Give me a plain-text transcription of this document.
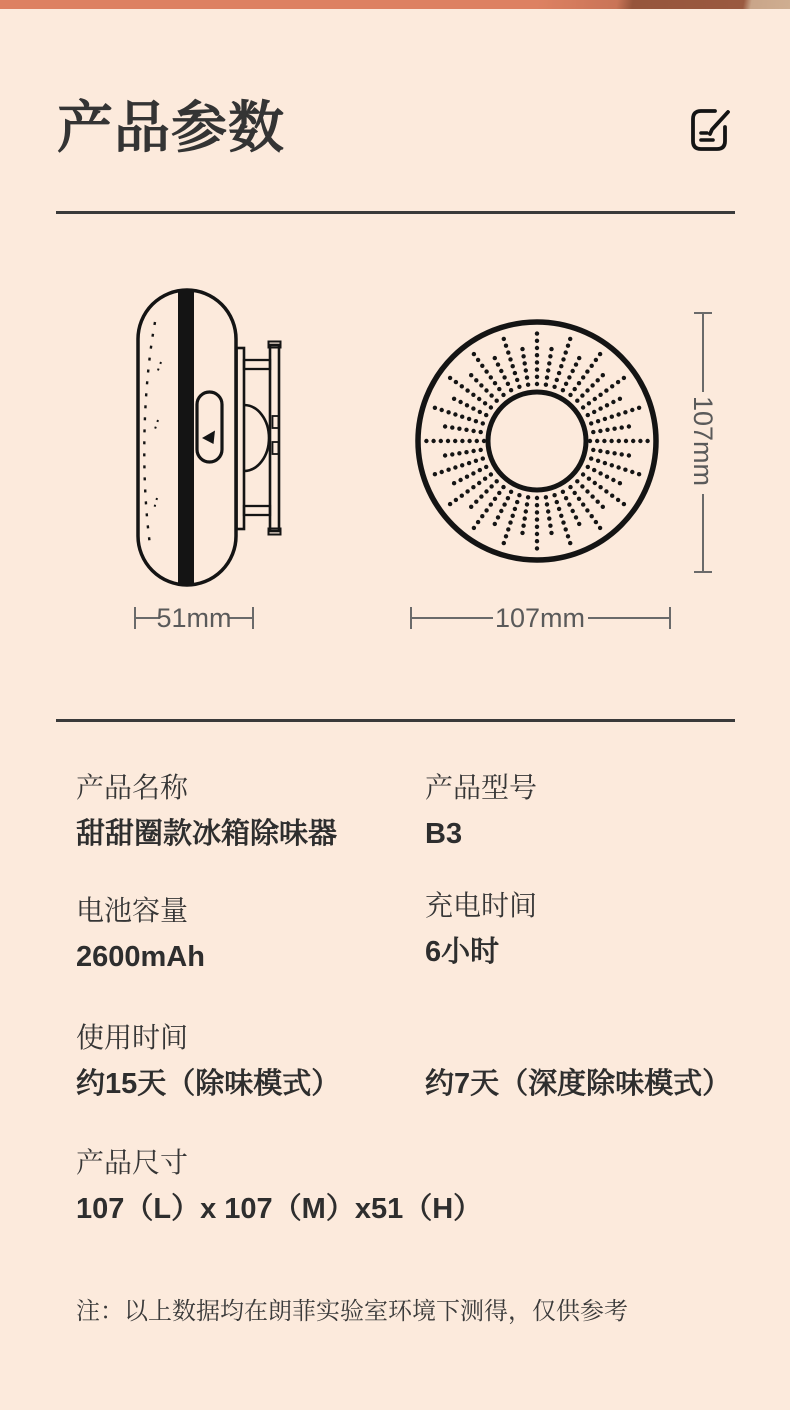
产品参数
51mm	107mm
107mm
产品名称
甜甜圈款冰箱除味器
产品型号
B3
电池容量
2600mAh
充电时间
6小时
使用时间
约15天（除味模式）	约7天（深度除味模式）
产品尺寸
107（L）x 107（M）x51（H）
注：以上数据均在朗菲实验室环境下测得，仅供参考
